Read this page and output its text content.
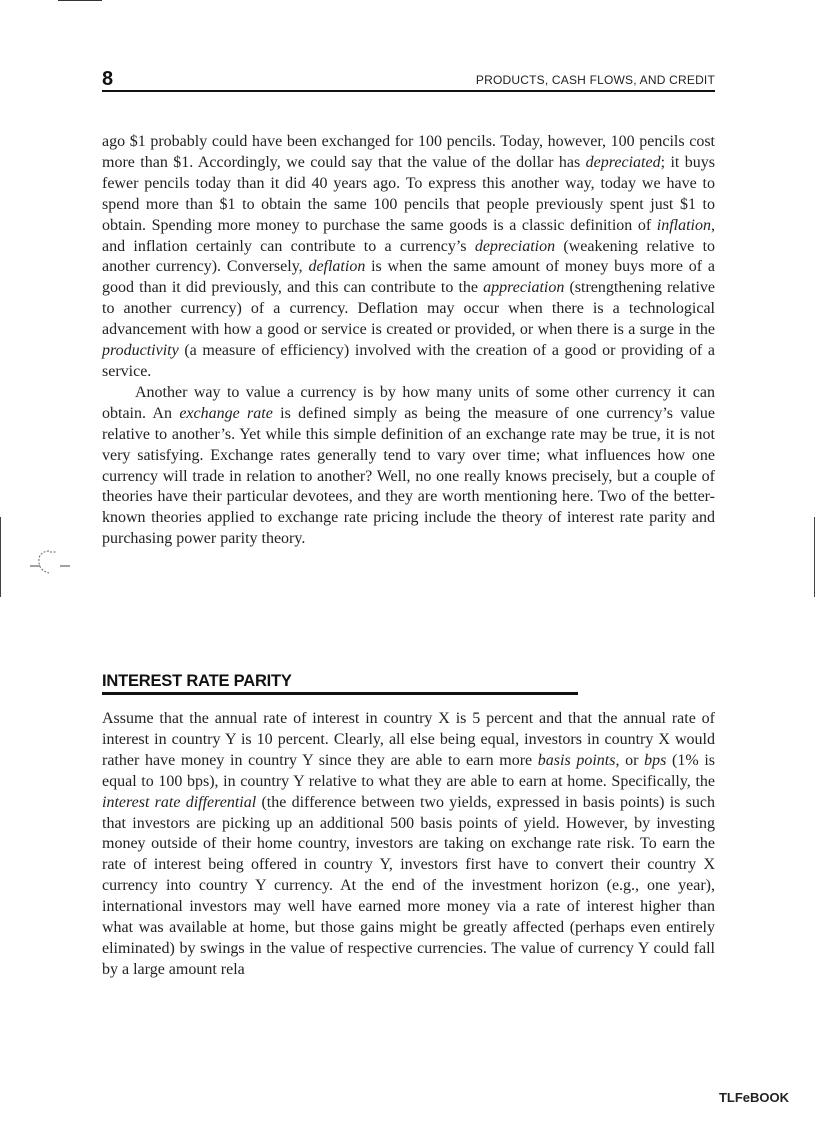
8	PRODUCTS, CASH FLOWS, AND CREDIT

ago $1 probably could have been exchanged for 100 pencils. Today, however, 100 pencils cost more than $1. Accordingly, we could say that the value of the dollar has depreciated; it buys fewer pencils today than it did 40 years ago. To express this another way, today we have to spend more than $1 to obtain the same 100 pencils that people previously spent just $1 to obtain. Spending more money to purchase the same goods is a classic definition of inflation, and inflation certainly can contribute to a currency’s depreciation (weakening relative to another currency). Conversely, deflation is when the same amount of money buys more of a good than it did previously, and this can contribute to the appreciation (strengthening relative to another currency) of a currency. Deflation may occur when there is a technological advancement with how a good or service is created or provided, or when there is a surge in the productivity (a measure of efficiency) involved with the creation of a good or providing of a service.

Another way to value a currency is by how many units of some other currency it can obtain. An exchange rate is defined simply as being the measure of one currency’s value relative to another’s. Yet while this simple definition of an exchange rate may be true, it is not very satisfying. Exchange rates generally tend to vary over time; what influences how one currency will trade in relation to another? Well, no one really knows precisely, but a couple of theories have their particular devotees, and they are worth mentioning here. Two of the better-known theories applied to exchange rate pricing include the theory of interest rate parity and purchasing power parity theory.

INTEREST RATE PARITY

Assume that the annual rate of interest in country X is 5 percent and that the annual rate of interest in country Y is 10 percent. Clearly, all else being equal, investors in country X would rather have money in country Y since they are able to earn more basis points, or bps (1% is equal to 100 bps), in country Y relative to what they are able to earn at home. Specifically, the interest rate differential (the difference between two yields, expressed in basis points) is such that investors are picking up an additional 500 basis points of yield. However, by investing money outside of their home country, investors are taking on exchange rate risk. To earn the rate of interest being offered in country Y, investors first have to convert their country X currency into country Y currency. At the end of the investment horizon (e.g., one year), international investors may well have earned more money via a rate of interest higher than what was available at home, but those gains might be greatly affected (perhaps even entirely eliminated) by swings in the value of respective currencies. The value of currency Y could fall by a large amount rela

TLFeBOOK
